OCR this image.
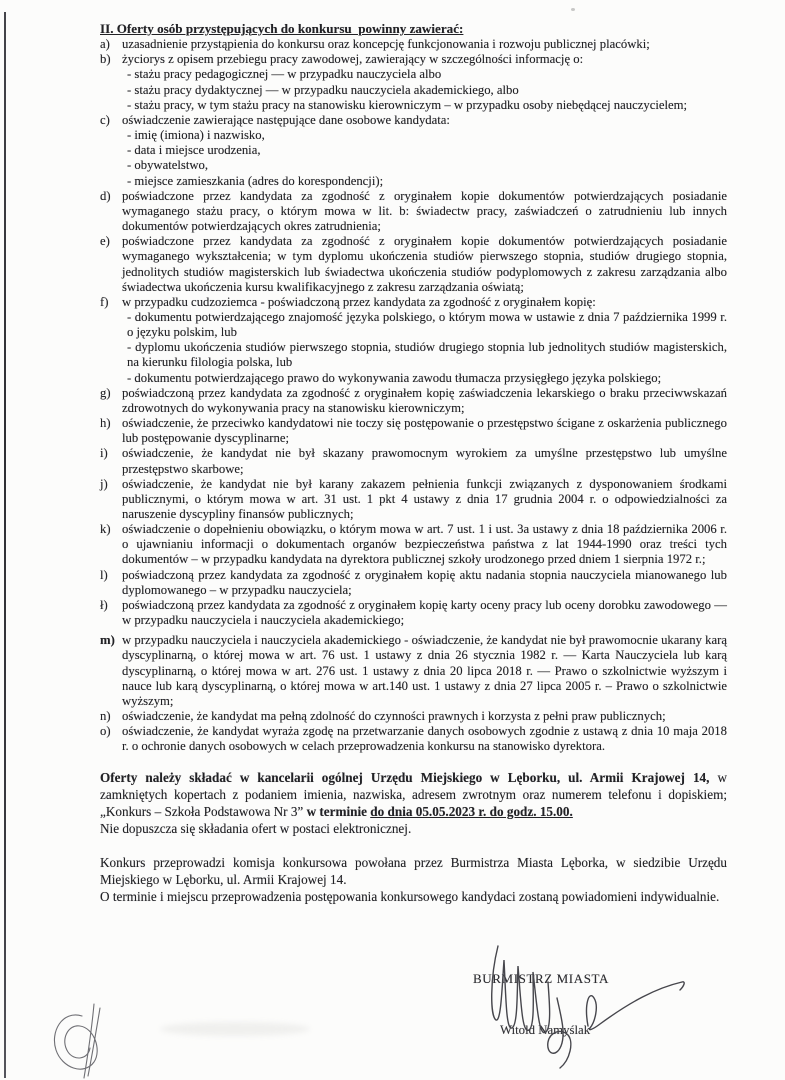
II. Oferty osób przystępujących do konkursu  powinny zawierać:

a) uzasadnienie przystąpienia do konkursu oraz koncepcję funkcjonowania i rozwoju publicznej placówki;
b) życiorys z opisem przebiegu pracy zawodowej, zawierający w szczególności informację o:
- stażu pracy pedagogicznej — w przypadku nauczyciela albo
- stażu pracy dydaktycznej — w przypadku nauczyciela akademickiego, albo
- stażu pracy, w tym stażu pracy na stanowisku kierowniczym – w przypadku osoby niebędącej nauczycielem;
c) oświadczenie zawierające następujące dane osobowe kandydata:
- imię (imiona) i nazwisko,
- data i miejsce urodzenia,
- obywatelstwo,
- miejsce zamieszkania (adres do korespondencji);
d) poświadczone przez kandydata za zgodność z oryginałem kopie dokumentów potwierdzających posiadanie wymaganego stażu pracy, o którym mowa w lit. b: świadectw pracy, zaświadczeń o zatrudnieniu lub innych dokumentów potwierdzających okres zatrudnienia;
e) poświadczone przez kandydata za zgodność z oryginałem kopie dokumentów potwierdzających posiadanie wymaganego wykształcenia; w tym dyplomu ukończenia studiów pierwszego stopnia, studiów drugiego stopnia, jednolitych studiów magisterskich lub świadectwa ukończenia studiów podyplomowych z zakresu zarządzania albo świadectwa ukończenia kursu kwalifikacyjnego z zakresu zarządzania oświatą;
f)	w przypadku cudzoziemca - poświadczoną przez kandydata za zgodność z oryginałem kopię:
- dokumentu potwierdzającego znajomość języka polskiego, o którym mowa w ustawie z dnia 7 października 1999 r. o języku polskim, lub
- dyplomu ukończenia studiów pierwszego stopnia, studiów drugiego stopnia lub jednolitych studiów magisterskich, na kierunku filologia polska, lub
- dokumentu potwierdzającego prawo do wykonywania zawodu tłumacza przysięgłego języka polskiego;
g) poświadczoną przez kandydata za zgodność z oryginałem kopię zaświadczenia lekarskiego o braku przeciwwskazań zdrowotnych do wykonywania pracy na stanowisku kierowniczym;
h) oświadczenie, że przeciwko kandydatowi nie toczy się postępowanie o przestępstwo ścigane z oskarżenia publicznego lub postępowanie dyscyplinarne;
i)	oświadczenie, że kandydat nie był skazany prawomocnym wyrokiem za umyślne przestępstwo lub umyślne przestępstwo skarbowe;
j)	oświadczenie, że kandydat nie był karany zakazem pełnienia funkcji związanych z dysponowaniem środkami publicznymi, o którym mowa w art. 31 ust. 1 pkt 4 ustawy z dnia 17 grudnia 2004 r. o odpowiedzialności za naruszenie dyscypliny finansów publicznych;
k) oświadczenie o dopełnieniu obowiązku, o którym mowa w art. 7 ust. 1 i ust. 3a ustawy z dnia 18 października 2006 r. o ujawnianiu informacji o dokumentach organów bezpieczeństwa państwa z lat 1944-1990 oraz treści tych dokumentów – w przypadku kandydata na dyrektora publicznej szkoły urodzonego przed dniem 1 sierpnia 1972 r.;
l)	poświadczoną przez kandydata za zgodność z oryginałem kopię aktu nadania stopnia nauczyciela mianowanego lub dyplomowanego – w przypadku nauczyciela;
ł)	poświadczoną przez kandydata za zgodność z oryginałem kopię karty oceny pracy lub oceny dorobku zawodowego — w przypadku nauczyciela i nauczyciela akademickiego;
m) w przypadku nauczyciela i nauczyciela akademickiego - oświadczenie, że kandydat nie był prawomocnie ukarany karą dyscyplinarną, o której mowa w art. 76 ust. 1 ustawy z dnia 26 stycznia 1982 r. — Karta Nauczyciela lub karą dyscyplinarną, o której mowa w art. 276 ust. 1 ustawy z dnia 20 lipca 2018 r. — Prawo o szkolnictwie wyższym i nauce lub karą dyscyplinarną, o której mowa w art.140 ust. 1 ustawy z dnia 27 lipca 2005 r. – Prawo o szkolnictwie wyższym;
n) oświadczenie, że kandydat ma pełną zdolność do czynności prawnych i korzysta z pełni praw publicznych;
o) oświadczenie, że kandydat wyraża zgodę na przetwarzanie danych osobowych zgodnie z ustawą z dnia 10 maja 2018 r. o ochronie danych osobowych w celach przeprowadzenia konkursu na stanowisko dyrektora.

Oferty należy składać w kancelarii ogólnej Urzędu Miejskiego w Lęborku, ul. Armii Krajowej 14, w zamkniętych kopertach z podaniem imienia, nazwiska, adresem zwrotnym oraz numerem telefonu i dopiskiem; „Konkurs – Szkoła Podstawowa Nr 3” w terminie do dnia 05.05.2023 r. do godz. 15.00.

Nie dopuszcza się składania ofert w postaci elektronicznej.

Konkurs przeprowadzi komisja konkursowa powołana przez Burmistrza Miasta Lęborka, w siedzibie Urzędu Miejskiego w Lęborku, ul. Armii Krajowej 14.

O terminie i miejscu przeprowadzenia postępowania konkursowego kandydaci zostaną powiadomieni indywidualnie.

BURMISTRZ MIASTA
Witold Namyślak
